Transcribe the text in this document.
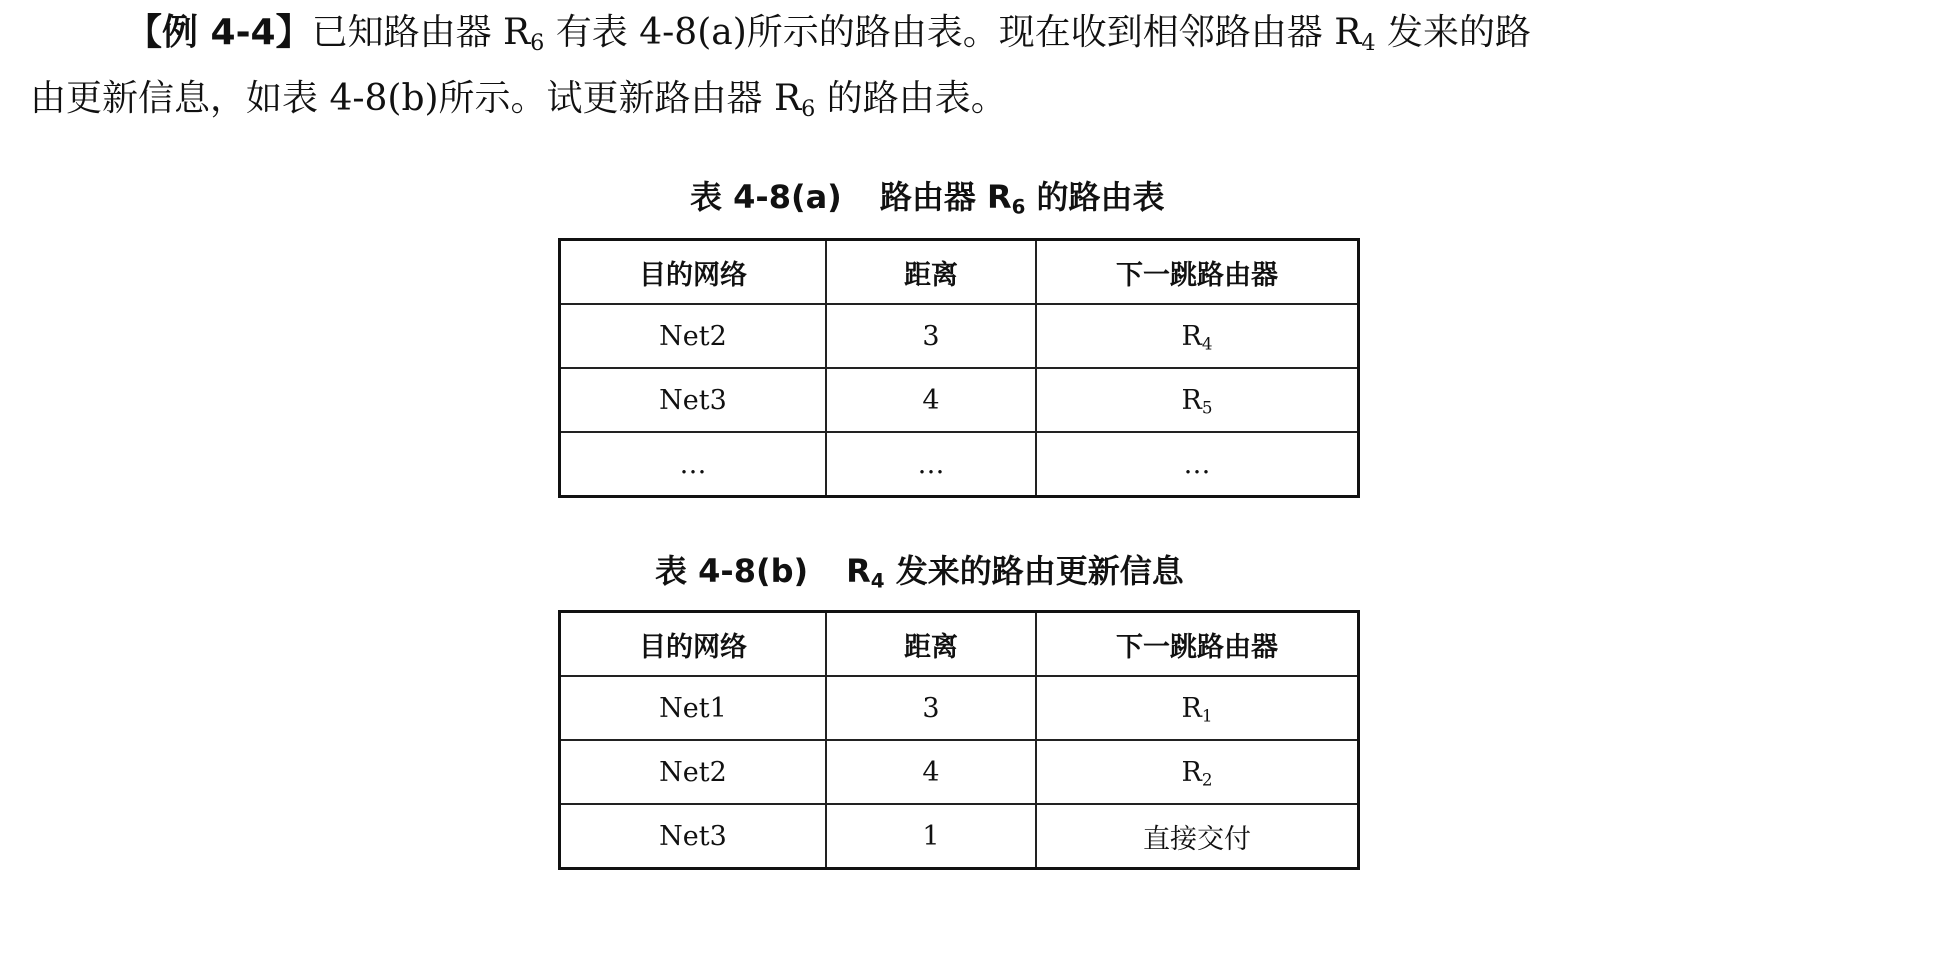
【例 4-4】已知路由器 $R_6$ 有表 4-8(a)所示的路由表。现在收到相邻路由器 $R_4$ 发来的路

由更新信息，如表 4-8(b)所示。试更新路由器 $R_6$ 的路由表。

表 4-8(a) 路由器 $R_6$ 的路由表
目的网络	距离	下一跳路由器
Net2	3	$R_4$
Net3	4	$R_5$
…	…	…
表 4-8(b) $R_4$ 发来的路由更新信息
目的网络	距离	下一跳路由器
Net1	3	$R_1$
Net2	4	$R_2$
Net3	1	直接交付
